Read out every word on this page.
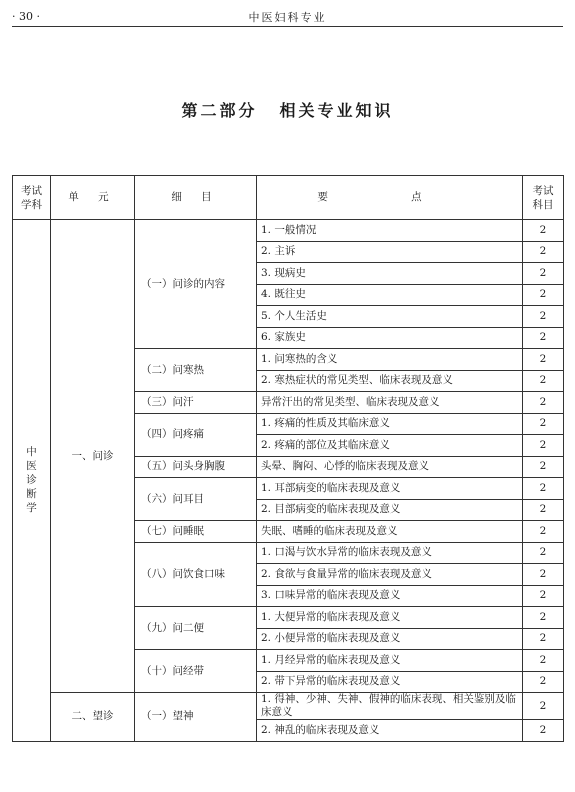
· 30 ·	中医妇科专业
第二部分 相关专业知识
考试学科	单 元	细 目	要 点	考试科目
中医诊断学	一、问诊	（一）问诊的内容	1. 一般情况	2
			2. 主诉	2
			3. 现病史	2
			4. 既往史	2
			5. 个人生活史	2
			6. 家族史	2
		（二）问寒热	1. 问寒热的含义	2
			2. 寒热症状的常见类型、临床表现及意义	2
		（三）问汗	异常汗出的常见类型、临床表现及意义	2
		（四）问疼痛	1. 疼痛的性质及其临床意义	2
			2. 疼痛的部位及其临床意义	2
		（五）问头身胸腹	头晕、胸闷、心悸的临床表现及意义	2
		（六）问耳目	1. 耳部病变的临床表现及意义	2
			2. 目部病变的临床表现及意义	2
		（七）问睡眠	失眠、嗜睡的临床表现及意义	2
		（八）问饮食口味	1. 口渴与饮水异常的临床表现及意义	2
			2. 食欲与食量异常的临床表现及意义	2
			3. 口味异常的临床表现及意义	2
		（九）问二便	1. 大便异常的临床表现及意义	2
			2. 小便异常的临床表现及意义	2
		（十）问经带	1. 月经异常的临床表现及意义	2
			2. 带下异常的临床表现及意义	2
	二、望诊	（一）望神	1. 得神、少神、失神、假神的临床表现、相关鉴别及临床意义	2
			2. 神乱的临床表现及意义	2
